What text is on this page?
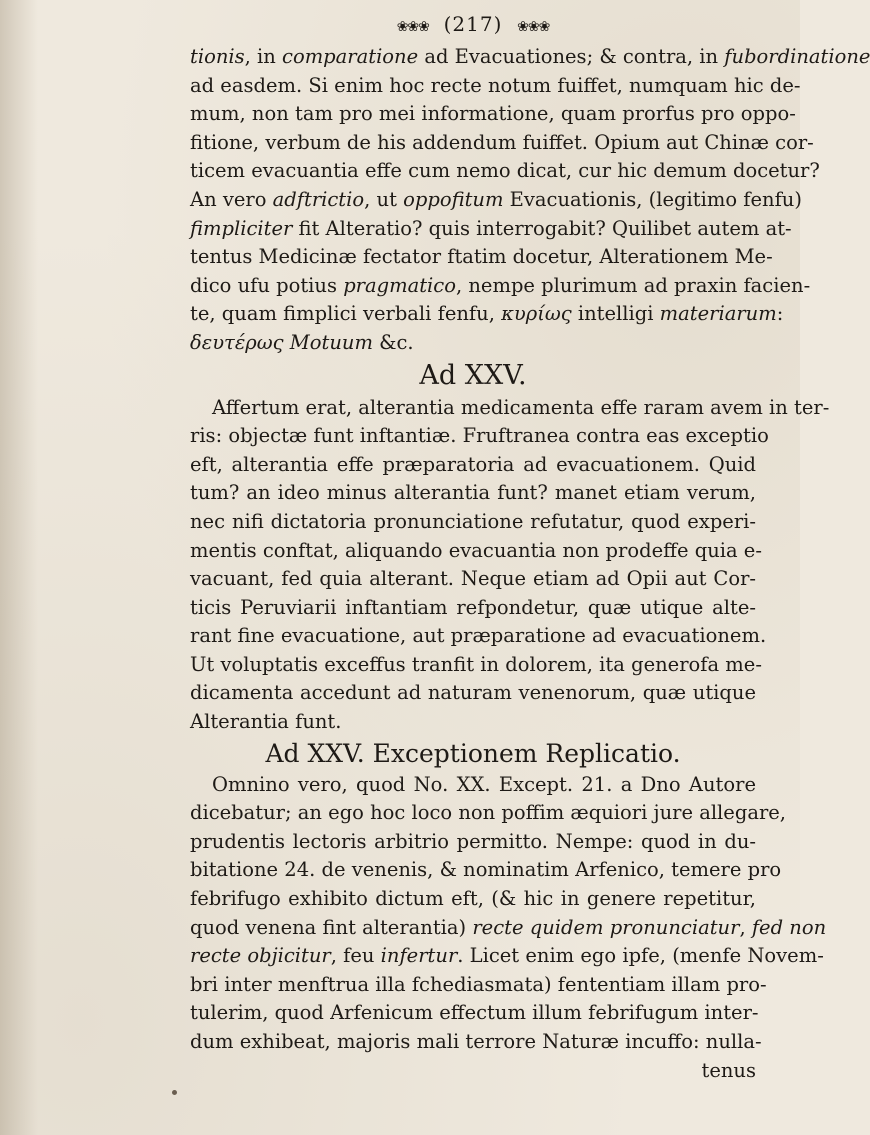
❀❀❀ (217) ❀❀❀
tionis, in comparatione ad Evacuationes; & contra, in fubordinatione
ad easdem. Si enim hoc recte notum fuiffet, numquam hic de-
mum, non tam pro mei informatione, quam prorfus pro oppo-
fitione, verbum de his addendum fuiffet. Opium aut Chinæ cor-
ticem evacuantia effe cum nemo dicat, cur hic demum docetur?
An vero adftrictio, ut oppofitum Evacuationis, (legitimo fenfu)
fimpliciter fit Alteratio? quis interrogabit? Quilibet autem at-
tentus Medicinæ fectator ftatim docetur, Alterationem Me-
dico ufu potius pragmatico, nempe plurimum ad praxin facien-
te, quam fimplici verbali fenfu, κυρίως intelligi materiarum:
δευτέρως Motuum &c.
Ad XXV.
Affertum erat, alterantia medicamenta effe raram avem in ter-
ris: objectæ funt inftantiæ. Fruftranea contra eas exceptio
eft, alterantia effe præparatoria ad evacuationem. Quid
tum? an ideo minus alterantia funt? manet etiam verum,
nec nifi dictatoria pronunciatione refutatur, quod experi-
mentis conftat, aliquando evacuantia non prodeffe quia e-
vacuant, fed quia alterant. Neque etiam ad Opii aut Cor-
ticis Peruviarii inftantiam refpondetur, quæ utique alte-
rant fine evacuatione, aut præparatione ad evacuationem.
Ut voluptatis exceffus tranfit in dolorem, ita generofa me-
dicamenta accedunt ad naturam venenorum, quæ utique
Alterantia funt.
Ad XXV. Exceptionem Replicatio.
Omnino vero, quod No. XX. Except. 21. a Dno Autore
dicebatur; an ego hoc loco non poffim æquiori jure allegare,
prudentis lectoris arbitrio permitto. Nempe: quod in du-
bitatione 24. de venenis, & nominatim Arfenico, temere pro
febrifugo exhibito dictum eft, (& hic in genere repetitur,
quod venena fint alterantia) recte quidem pronunciatur, fed non
recte objicitur, feu infertur. Licet enim ego ipfe, (menfe Novem-
bri inter menftrua illa fchediasmata) fententiam illam pro-
tulerim, quod Arfenicum effectum illum febrifugum inter-
dum exhibeat, majoris mali terrore Naturæ incuffo: nulla-
tenus
